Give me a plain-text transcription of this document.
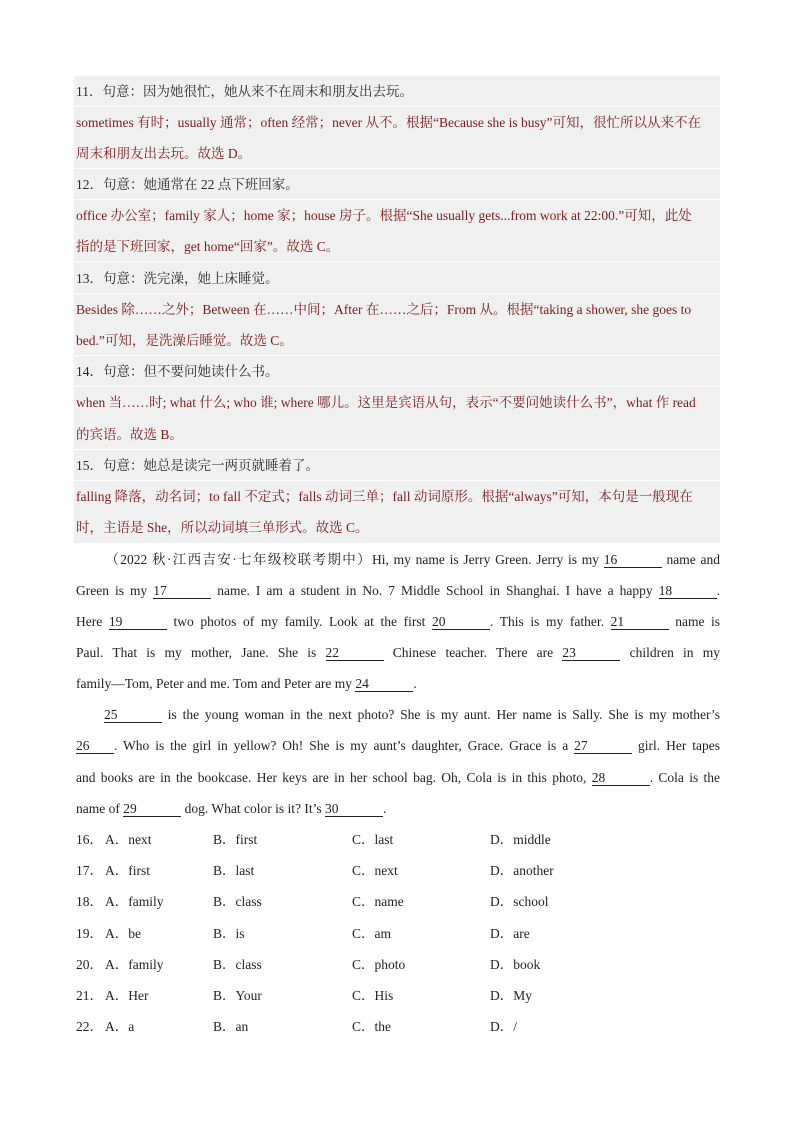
11．句意：因为她很忙，她从来不在周末和朋友出去玩。
sometimes 有时；usually 通常；often 经常；never 从不。根据“Because she is busy”可知，很忙所以从来不在
周末和朋友出去玩。故选 D。
12．句意：她通常在 22 点下班回家。
office 办公室；family 家人；home 家；house 房子。根据“She usually gets...from work at 22:00.”可知，此处
指的是下班回家，get home“回家”。故选 C。
13．句意：洗完澡，她上床睡觉。
Besides 除……之外；Between 在……中间；After 在……之后；From 从。根据“taking a shower, she goes to
bed.”可知，是洗澡后睡觉。故选 C。
14．句意：但不要问她读什么书。
when 当……时; what 什么; who 谁; where 哪儿。这里是宾语从句，表示“不要问她读什么书”，what 作 read
的宾语。故选 B。
15．句意：她总是读完一两页就睡着了。
falling 降落，动名词；to fall 不定式；falls 动词三单；fall 动词原形。根据“always”可知，本句是一般现在
时，主语是 She，所以动词填三单形式。故选 C。
（2022 秋·江西吉安·七年级校联考期中）Hi, my name is Jerry Green. Jerry is my 16	name and
Green is my 17	name. I am a student in No. 7 Middle School in Shanghai. I have a happy 18	.
Here 19	two photos of my family. Look at the first 20	. This is my father. 21	name is
Paul. That is my mother, Jane. She is 22	Chinese teacher. There are 23	children in my
family—Tom, Peter and me. Tom and Peter are my 24	.
25	is the young woman in the next photo? She is my aunt. Her name is Sally. She is my mother’s
26 . Who is the girl in yellow? Oh! She is my aunt’s daughter, Grace. Grace is a 27	girl. Her tapes
and books are in the bookcase. Her keys are in her school bag. Oh, Cola is in this photo, 28	. Cola is the
name of 29	dog. What color is it? It’s 30	.
16． A．next	B．first	C．last	D．middle
17． A．first	B．last	C．next	D．another
18． A．family	B．class	C．name	D．school
19． A．be	B．is	C．am	D．are
20． A．family	B．class	C．photo	D．book
21． A．Her	B．Your	C．His	D．My
22． A．a	B．an	C．the	D．/
